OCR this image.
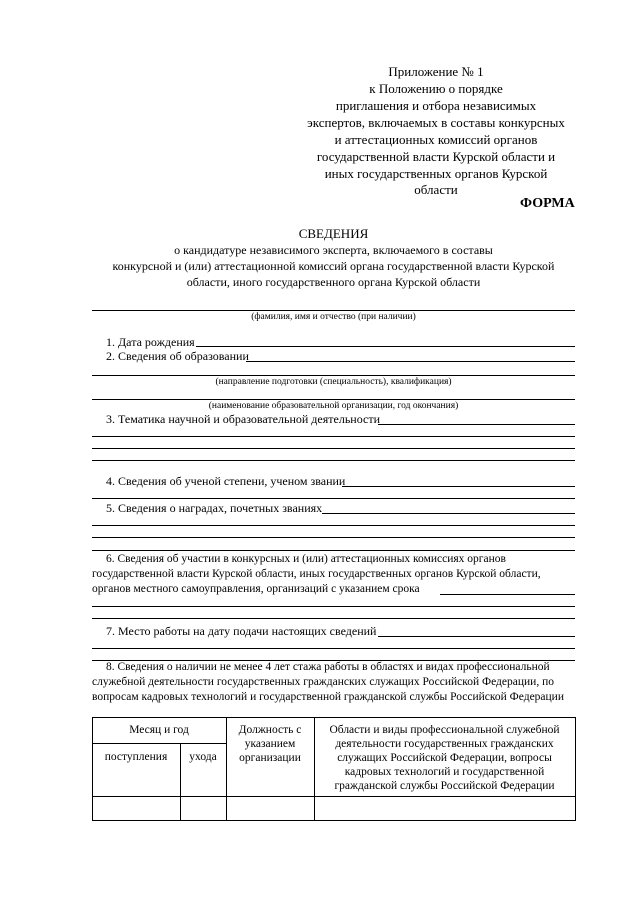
Приложение № 1
к Положению о порядке
приглашения и отбора независимых
экспертов, включаемых в составы конкурсных
и аттестационных комиссий органов
государственной власти Курской области и
иных государственных органов Курской
области
ФОРМА
СВЕДЕНИЯ
о кандидатуре независимого эксперта, включаемого в составы
конкурсной и (или) аттестационной комиссий органа государственной власти Курской
области, иного государственного органа Курской области
(фамилия, имя и отчество (при наличии)
1. Дата рождения
2. Сведения об образовании
(направление подготовки (специальность), квалификация)
(наименование образовательной организации, год окончания)
3. Тематика научной и образовательной деятельности
4. Сведения об ученой степени, ученом звании
5. Сведения о наградах, почетных званиях
6. Сведения об участии в конкурсных и (или) аттестационных комиссиях органов
государственной власти Курской области, иных государственных органов Курской области,
органов местного самоуправления, организаций с указанием срока
7. Место работы на дату подачи настоящих сведений
8. Сведения о наличии не менее 4 лет стажа работы в областях и видах профессиональной
служебной деятельности государственных гражданских служащих Российской Федерации, по
вопросам кадровых технологий и государственной гражданской службы Российской Федерации
Месяц и год
поступления	ухода
Должность с
указанием
организации
Области и виды профессиональной служебной
деятельности государственных гражданских
служащих Российской Федерации, вопросы
кадровых технологий и государственной
гражданской службы Российской Федерации
